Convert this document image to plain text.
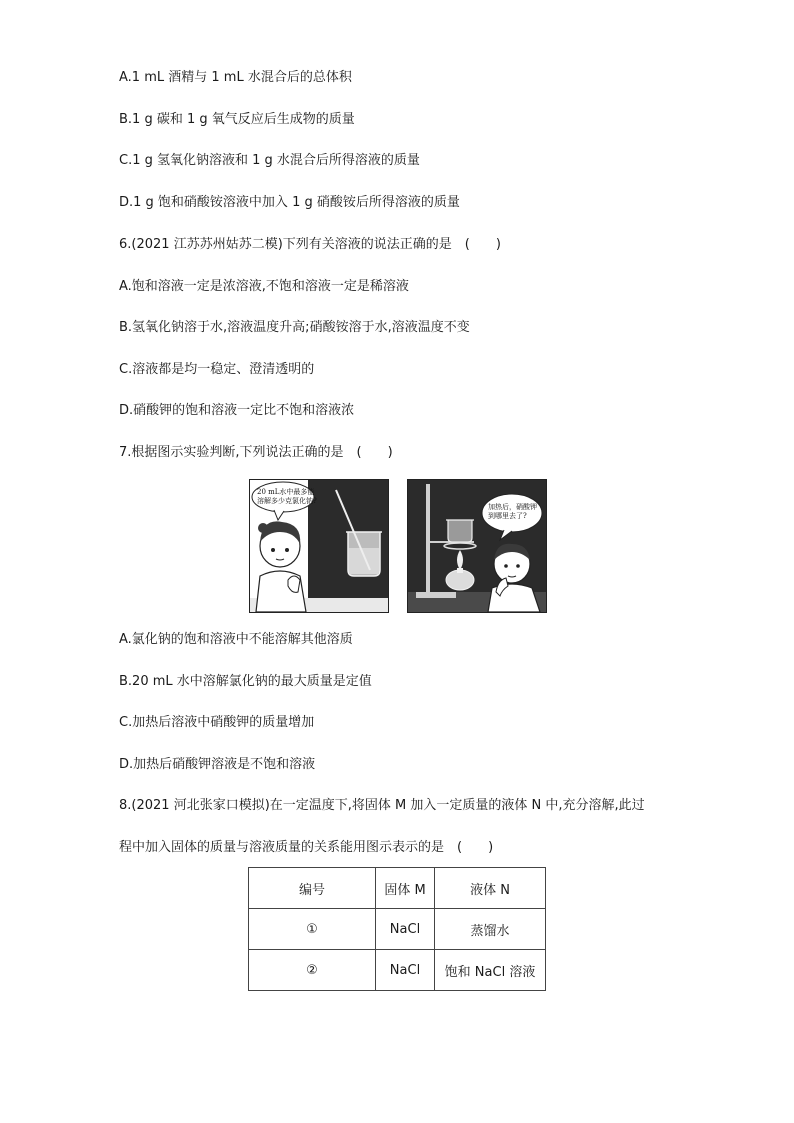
A.1 mL 酒精与 1 mL 水混合后的总体积
B.1 g 碳和 1 g 氧气反应后生成物的质量
C.1 g 氢氧化钠溶液和 1 g 水混合后所得溶液的质量
D.1 g 饱和硝酸铵溶液中加入 1 g 硝酸铵后所得溶液的质量
6.(2021 江苏苏州姑苏二模)下列有关溶液的说法正确的是　(　　)
A.饱和溶液一定是浓溶液,不饱和溶液一定是稀溶液
B.氢氧化钠溶于水,溶液温度升高;硝酸铵溶于水,溶液温度不变
C.溶液都是均一稳定、澄清透明的
D.硝酸钾的饱和溶液一定比不饱和溶液浓
7.根据图示实验判断,下列说法正确的是　(　　)
20 mL水中最多能
溶解多少克氯化钠?
加热后，硝酸钾
到哪里去了?
A.氯化钠的饱和溶液中不能溶解其他溶质
B.20 mL 水中溶解氯化钠的最大质量是定值
C.加热后溶液中硝酸钾的质量增加
D.加热后硝酸钾溶液是不饱和溶液
8.(2021 河北张家口模拟)在一定温度下,将固体 M 加入一定质量的液体 N 中,充分溶解,此过
程中加入固体的质量与溶液质量的关系能用图示表示的是　(　　)
编号	固体 M	液体 N
①	NaCl	蒸馏水
②	NaCl	饱和 NaCl 溶液
